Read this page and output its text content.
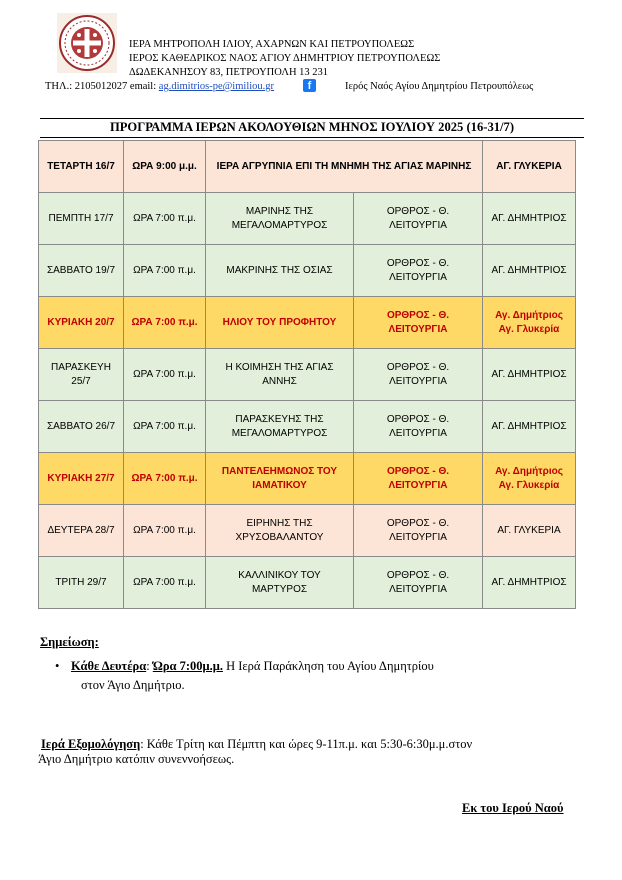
ΙΕΡΑ ΜΗΤΡΟΠΟΛΗ ΙΛΙΟΥ, ΑΧΑΡΝΩΝ ΚΑΙ ΠΕΤΡΟΥΠΟΛΕΩΣ
ΙΕΡΟΣ ΚΑΘΕΔΡΙΚΟΣ ΝΑΟΣ ΑΓΙΟΥ ΔΗΜΗΤΡΙΟΥ ΠΕΤΡΟΥΠΟΛΕΩΣ
ΔΩΔΕΚΑΝΗΣΟΥ 83, ΠΕΤΡΟΥΠΟΛΗ 13 231
ΤΗΛ.: 2105012027 email: ag.dimitrios-pe@imiliou.gr	f	Ιερός Ναός Αγίου Δημητρίου Πετρουπόλεως
ΠΡΟΓΡΑΜΜΑ ΙΕΡΩΝ ΑΚΟΛΟΥΘΙΩΝ ΜΗΝΟΣ ΙΟΥΛΙΟΥ 2025 (16-31/7)
ΤΕΤΑΡΤΗ 16/7	ΩΡΑ 9:00 μ.μ.	ΙΕΡΑ ΑΓΡΥΠΝΙΑ ΕΠΙ ΤΗ ΜΝΗΜΗ ΤΗΣ ΑΓΙΑΣ ΜΑΡΙΝΗΣ		ΑΓ. ΓΛΥΚΕΡΙΑ
ΠΕΜΠΤΗ 17/7	ΩΡΑ 7:00 π.μ.	ΜΑΡΙΝΗΣ ΤΗΣ ΜΕΓΑΛΟΜΑΡΤΥΡΟΣ	ΟΡΘΡΟΣ - Θ. ΛΕΙΤΟΥΡΓΙΑ	ΑΓ. ΔΗΜΗΤΡΙΟΣ
ΣΑΒΒΑΤΟ 19/7	ΩΡΑ 7:00 π.μ.	ΜΑΚΡΙΝΗΣ ΤΗΣ ΟΣΙΑΣ	ΟΡΘΡΟΣ - Θ. ΛΕΙΤΟΥΡΓΙΑ	ΑΓ. ΔΗΜΗΤΡΙΟΣ
ΚΥΡΙΑΚΗ 20/7	ΩΡΑ 7:00 π.μ.	ΗΛΙΟΥ ΤΟΥ ΠΡΟΦΗΤΟΥ	ΟΡΘΡΟΣ - Θ. ΛΕΙΤΟΥΡΓΙΑ	Αγ. Δημήτριος Αγ. Γλυκερία
ΠΑΡΑΣΚΕΥΗ 25/7	ΩΡΑ 7:00 π.μ.	Η ΚΟΙΜΗΣΗ ΤΗΣ ΑΓΙΑΣ ΑΝΝΗΣ	ΟΡΘΡΟΣ - Θ. ΛΕΙΤΟΥΡΓΙΑ	ΑΓ. ΔΗΜΗΤΡΙΟΣ
ΣΑΒΒΑΤΟ 26/7	ΩΡΑ 7:00 π.μ.	ΠΑΡΑΣΚΕΥΗΣ ΤΗΣ ΜΕΓΑΛΟΜΑΡΤΥΡΟΣ	ΟΡΘΡΟΣ - Θ. ΛΕΙΤΟΥΡΓΙΑ	ΑΓ. ΔΗΜΗΤΡΙΟΣ
ΚΥΡΙΑΚΗ 27/7	ΩΡΑ 7:00 π.μ.	ΠΑΝΤΕΛΕΗΜΩΝΟΣ ΤΟΥ ΙΑΜΑΤΙΚΟΥ	ΟΡΘΡΟΣ - Θ. ΛΕΙΤΟΥΡΓΙΑ	Αγ. Δημήτριος Αγ. Γλυκερία
ΔΕΥΤΕΡΑ 28/7	ΩΡΑ 7:00 π.μ.	ΕΙΡΗΝΗΣ ΤΗΣ ΧΡΥΣΟΒΑΛΑΝΤΟΥ	ΟΡΘΡΟΣ - Θ. ΛΕΙΤΟΥΡΓΙΑ	ΑΓ. ΓΛΥΚΕΡΙΑ
ΤΡΙΤΗ 29/7	ΩΡΑ 7:00 π.μ.	ΚΑΛΛΙΝΙΚΟΥ ΤΟΥ ΜΑΡΤΥΡΟΣ	ΟΡΘΡΟΣ - Θ. ΛΕΙΤΟΥΡΓΙΑ	ΑΓ. ΔΗΜΗΤΡΙΟΣ
Σημείωση:
• Κάθε Δευτέρα: Ώρα 7:00μ.μ. Η Ιερά Παράκληση του Αγίου Δημητρίου
στον Άγιο Δημήτριο.
Ιερά Εξομολόγηση: Κάθε Τρίτη και Πέμπτη και ώρες 9-11π.μ. και 5:30-6:30μ.μ.στον
Άγιο Δημήτριο κατόπιν συνεννοήσεως.
Εκ του Ιερού Ναού
